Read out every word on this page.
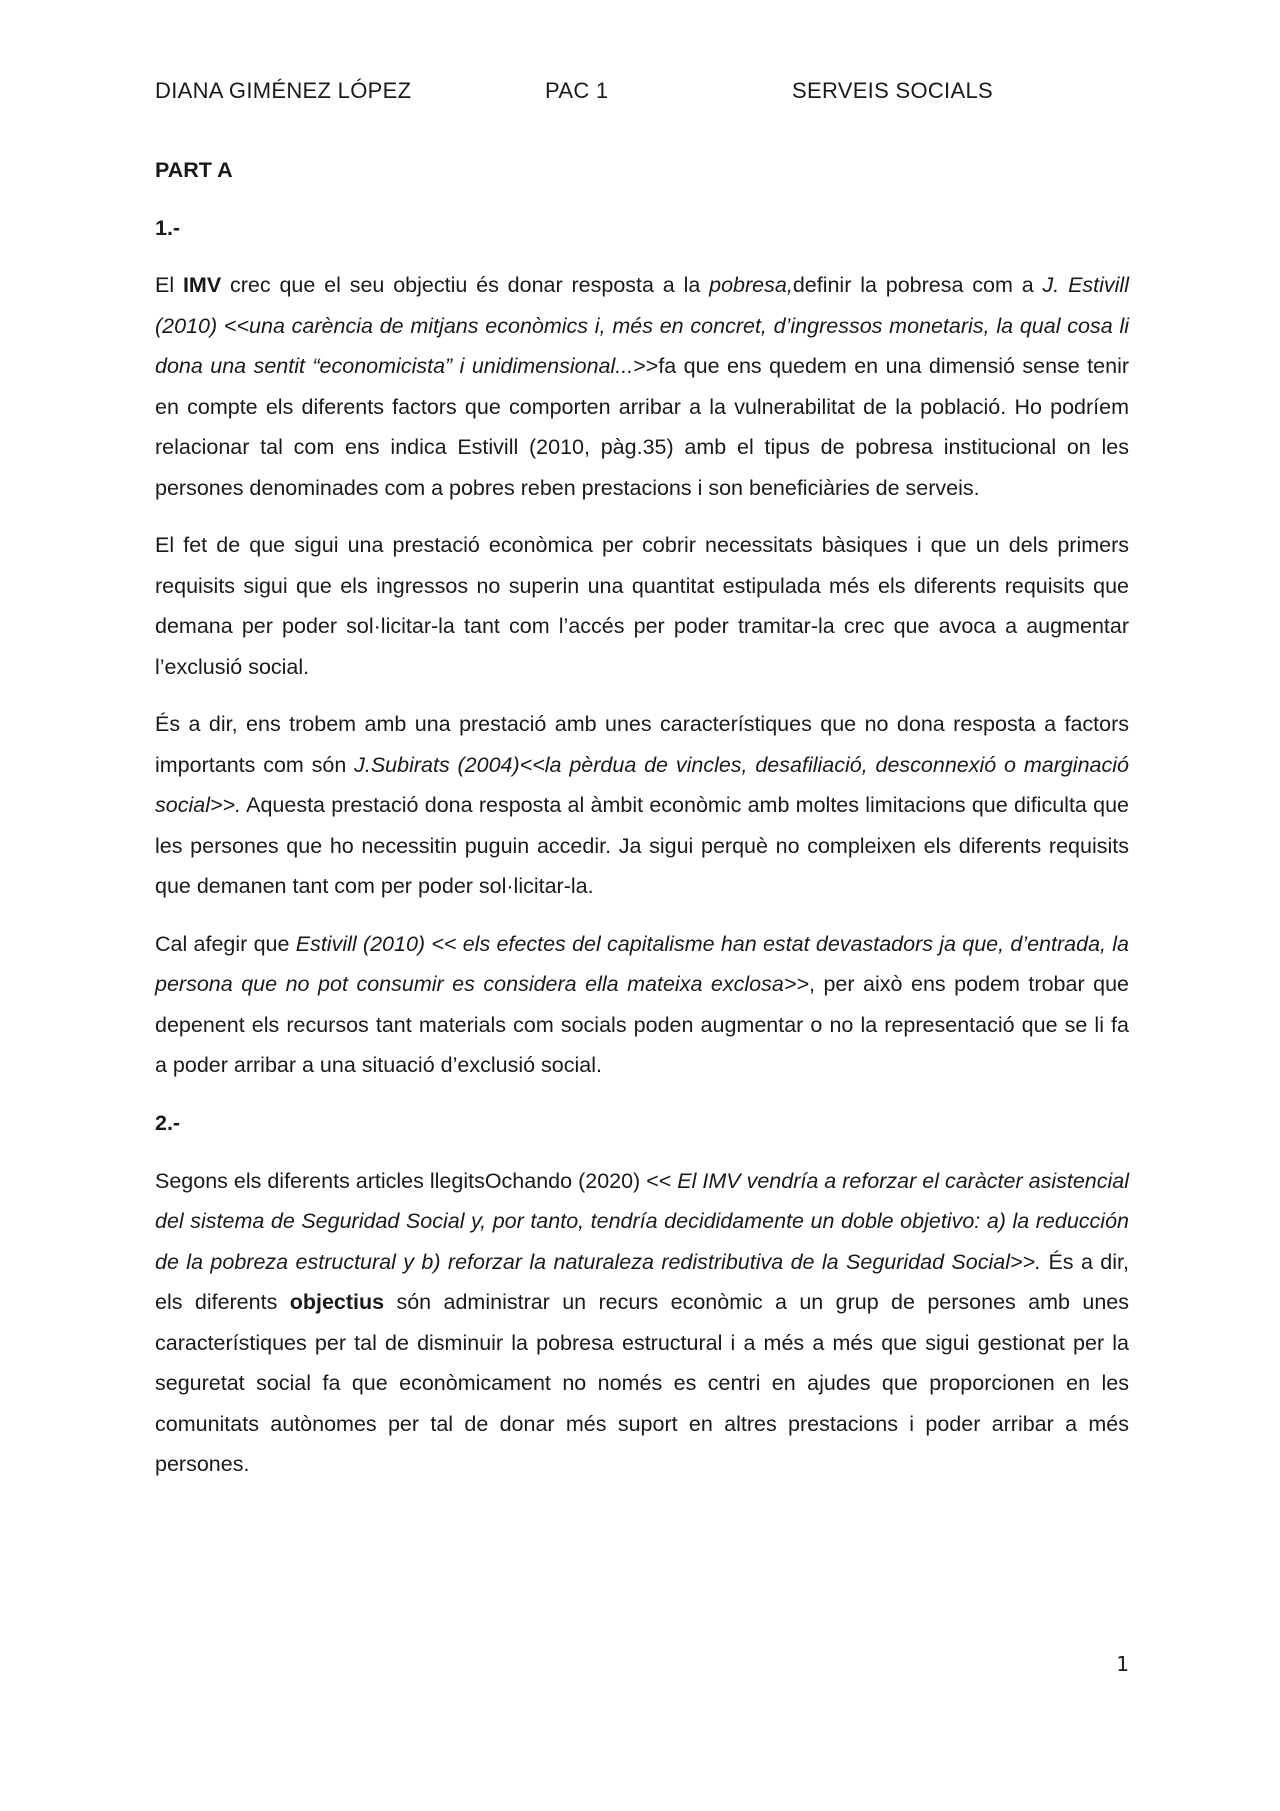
DIANA GIMÉNEZ LÓPEZ	PAC 1	SERVEIS SOCIALS
PART A
1.-

El IMV crec que el seu objectiu és donar resposta a la pobresa,definir la pobresa com a J. Estivill (2010) <<una carència de mitjans econòmics i, més en concret, d’ingressos monetaris, la qual cosa li dona una sentit “economicista” i unidimensional...>>fa que ens quedem en una dimensió sense tenir en compte els diferents factors que comporten arribar a la vulnerabilitat de la població. Ho podríem relacionar tal com ens indica Estivill (2010, pàg.35) amb el tipus de pobresa institucional on les persones denominades com a pobres reben prestacions i son beneficiàries de serveis.

El fet de que sigui una prestació econòmica per cobrir necessitats bàsiques i que un dels primers requisits sigui que els ingressos no superin una quantitat estipulada més els diferents requisits que demana per poder sol·licitar-la tant com l’accés per poder tramitar-la crec que avoca a augmentar l’exclusió social.

És a dir, ens trobem amb una prestació amb unes característiques que no dona resposta a factors importants com són J.Subirats (2004)<<la pèrdua de vincles, desafiliació, desconnexió o marginació social>>. Aquesta prestació dona resposta al àmbit econòmic amb moltes limitacions que dificulta que les persones que ho necessitin puguin accedir. Ja sigui perquè no compleixen els diferents requisits que demanen tant com per poder sol·licitar-la.

Cal afegir que Estivill (2010) << els efectes del capitalisme han estat devastadors ja que, d’entrada, la persona que no pot consumir es considera ella mateixa exclosa>>, per això ens podem trobar que depenent els recursos tant materials com socials poden augmentar o no la representació que se li fa a poder arribar a una situació d’exclusió social.

2.-

Segons els diferents articles llegitsOchando (2020) << El IMV vendría a reforzar el caràcter asistencial del sistema de Seguridad Social y, por tanto, tendría decididamente un doble objetivo: a) la reducción de la pobreza estructural y b) reforzar la naturaleza redistributiva de la Seguridad Social>>. És a dir, els diferents objectius són administrar un recurs econòmic a un grup de persones amb unes característiques per tal de disminuir la pobresa estructural i a més a més que sigui gestionat per la seguretat social fa que econòmicament no només es centri en ajudes que proporcionen en les comunitats autònomes per tal de donar més suport en altres prestacions i poder arribar a més persones.

1
